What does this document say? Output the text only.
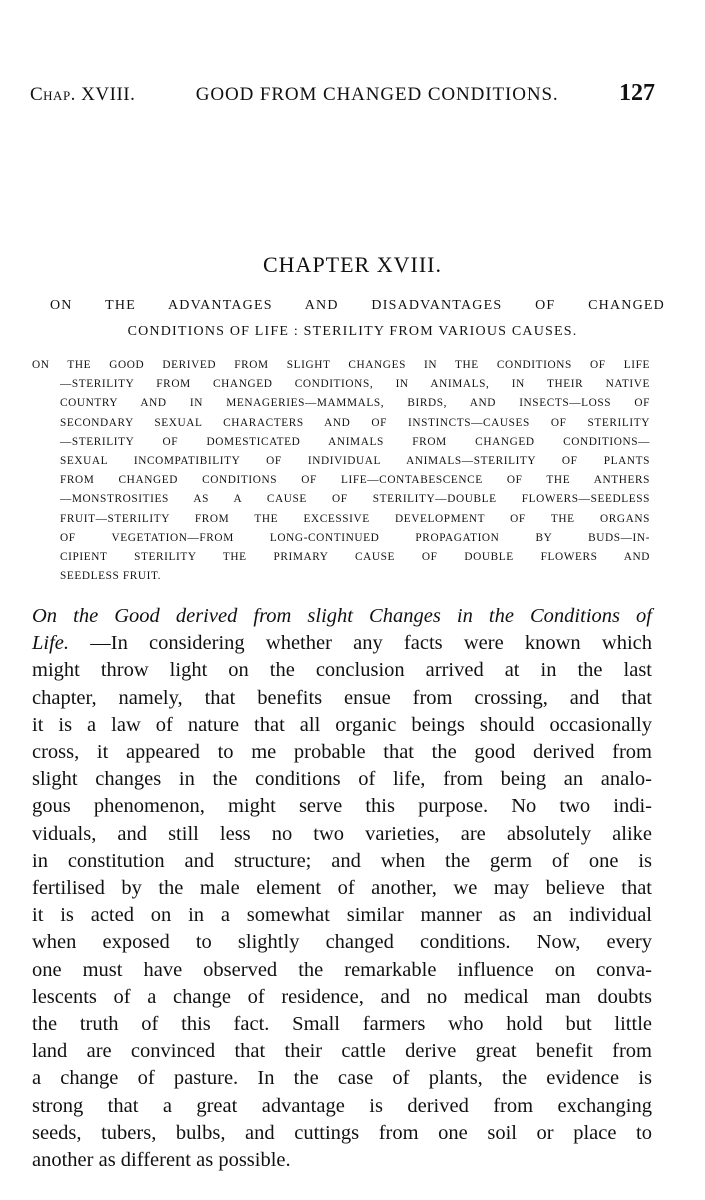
Chap. XVIII.	GOOD FROM CHANGED CONDITIONS.	127
CHAPTER XVIII.
ON THE ADVANTAGES AND DISADVANTAGES OF CHANGED
CONDITIONS OF LIFE : STERILITY FROM VARIOUS CAUSES.
ON THE GOOD DERIVED FROM SLIGHT CHANGES IN THE CONDITIONS OF LIFE
—STERILITY FROM CHANGED CONDITIONS, IN ANIMALS, IN THEIR NATIVE
COUNTRY AND IN MENAGERIES—MAMMALS, BIRDS, AND INSECTS—LOSS OF
SECONDARY SEXUAL CHARACTERS AND OF INSTINCTS—CAUSES OF STERILITY
—STERILITY OF DOMESTICATED ANIMALS FROM CHANGED CONDITIONS—
SEXUAL INCOMPATIBILITY OF INDIVIDUAL ANIMALS—STERILITY OF PLANTS
FROM CHANGED CONDITIONS OF LIFE—CONTABESCENCE OF THE ANTHERS
—MONSTROSITIES AS A CAUSE OF STERILITY—DOUBLE FLOWERS—SEEDLESS
FRUIT—STERILITY FROM THE EXCESSIVE DEVELOPMENT OF THE ORGANS
OF VEGETATION—FROM LONG-CONTINUED PROPAGATION BY BUDS—IN-
CIPIENT STERILITY THE PRIMARY CAUSE OF DOUBLE FLOWERS AND
SEEDLESS FRUIT.
On the Good derived from slight Changes in the Conditions of
Life. —In considering whether any facts were known which
might throw light on the conclusion arrived at in the last
chapter, namely, that benefits ensue from crossing, and that
it is a law of nature that all organic beings should occasionally
cross, it appeared to me probable that the good derived from
slight changes in the conditions of life, from being an analo-
gous phenomenon, might serve this purpose. No two indi-
viduals, and still less no two varieties, are absolutely alike
in constitution and structure; and when the germ of one is
fertilised by the male element of another, we may believe that
it is acted on in a somewhat similar manner as an individual
when exposed to slightly changed conditions. Now, every
one must have observed the remarkable influence on conva-
lescents of a change of residence, and no medical man doubts
the truth of this fact. Small farmers who hold but little
land are convinced that their cattle derive great benefit from
a change of pasture. In the case of plants, the evidence is
strong that a great advantage is derived from exchanging
seeds, tubers, bulbs, and cuttings from one soil or place to
another as different as possible.
